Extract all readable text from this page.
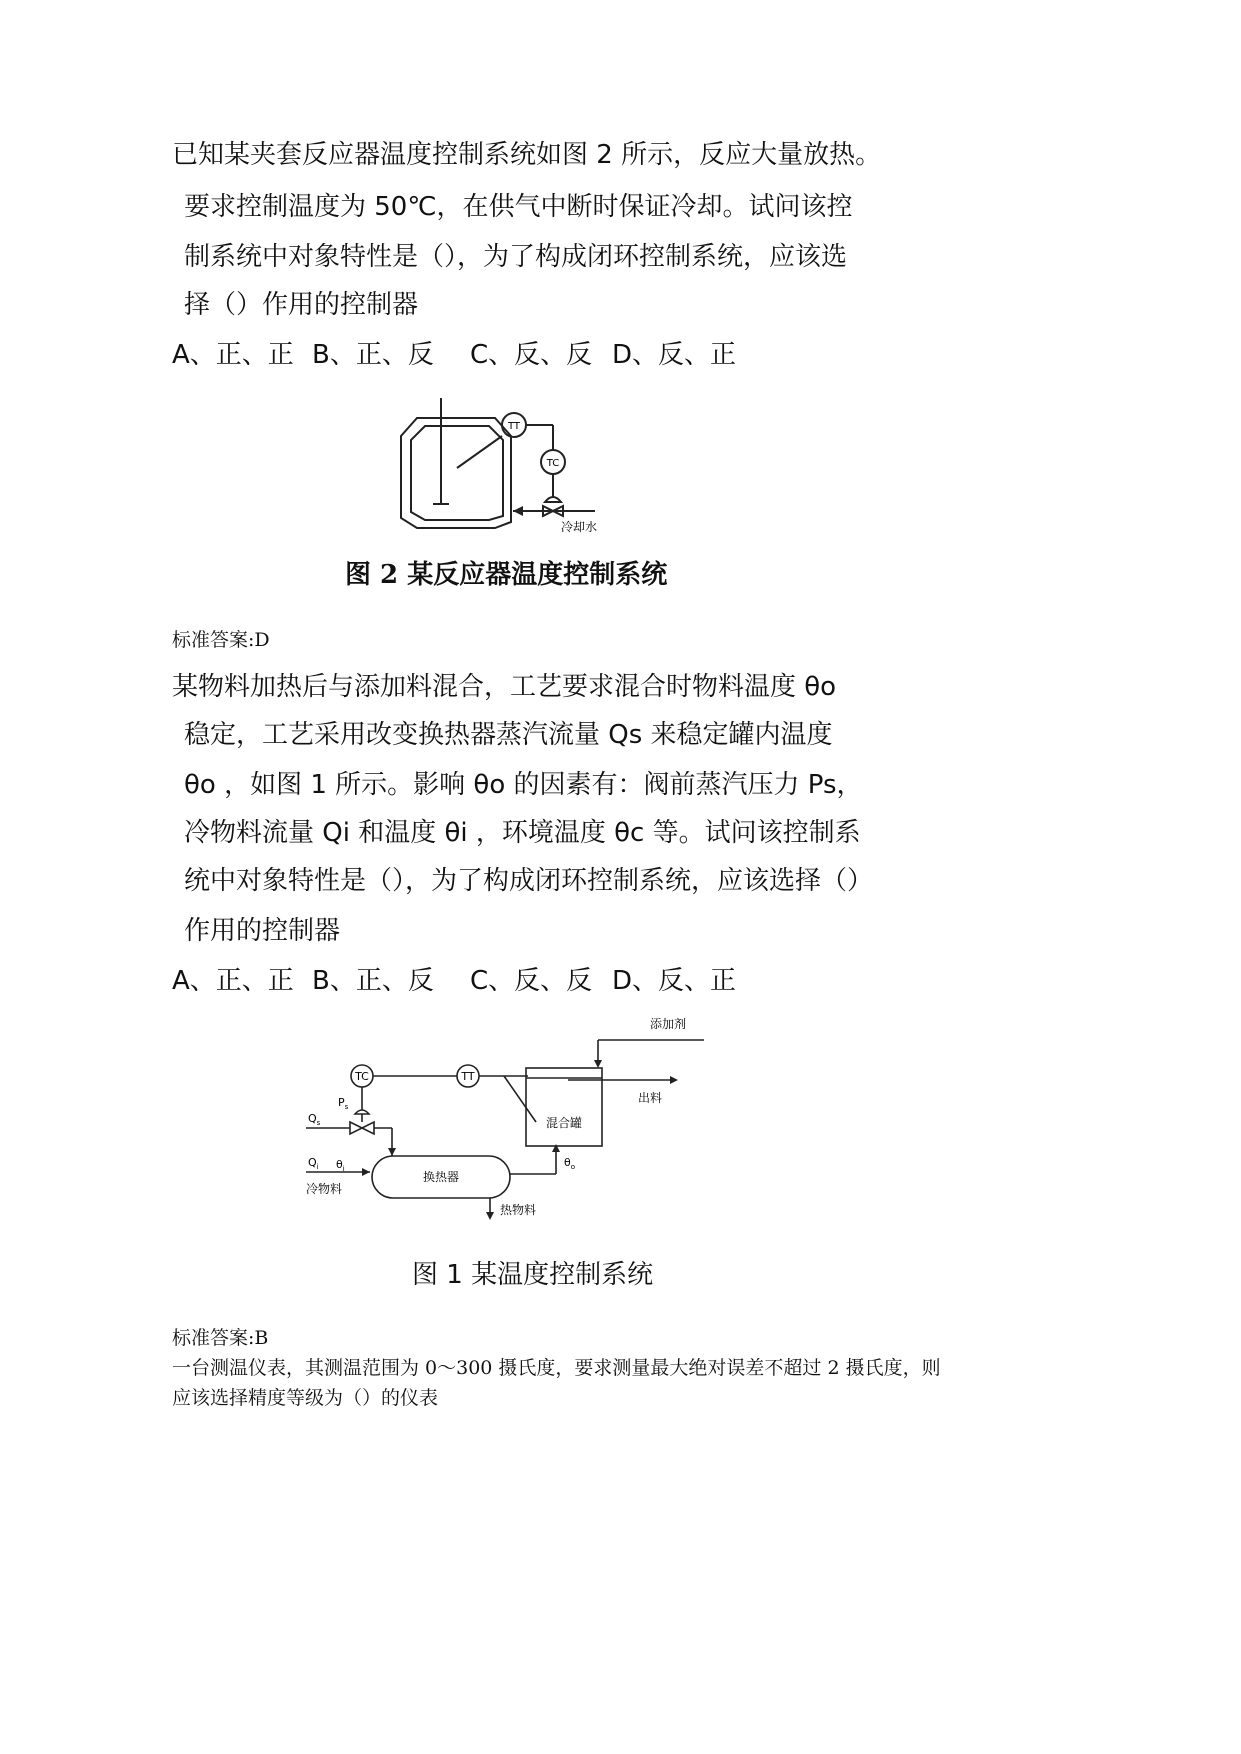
已知某夹套反应器温度控制系统如图 2 所示，反应大量放热。
要求控制温度为 50℃，在供气中断时保证冷却。试问该控
制系统中对象特性是（），为了构成闭环控制系统，应该选
择（）作用的控制器
A、正、正 B、正、反 C、反、反 D、反、正
TT
TC
冷却水
图 2 某反应器温度控制系统
标准答案:D
某物料加热后与添加料混合，工艺要求混合时物料温度 θo
稳定，工艺采用改变换热器蒸汽流量 Qs 来稳定罐内温度
θo ，如图 1 所示。影响 θo 的因素有：阀前蒸汽压力 Ps，
冷物料流量 Qi 和温度 θi ，环境温度 θc 等。试问该控制系
统中对象特性是（），为了构成闭环控制系统，应该选择（）
作用的控制器
A、正、正 B、正、反 C、反、反 D、反、正
TC	TT
$P_s$
$Q_s$
$Q_i$ $\theta_i$
冷物料
换热器
热物料
$\theta_o$
混合罐
添加剂
出料
图 1 某温度控制系统
标准答案:B
一台测温仪表，其测温范围为 0～300 摄氏度，要求测量最大绝对误差不超过 2 摄氏度，则
应该选择精度等级为（）的仪表
